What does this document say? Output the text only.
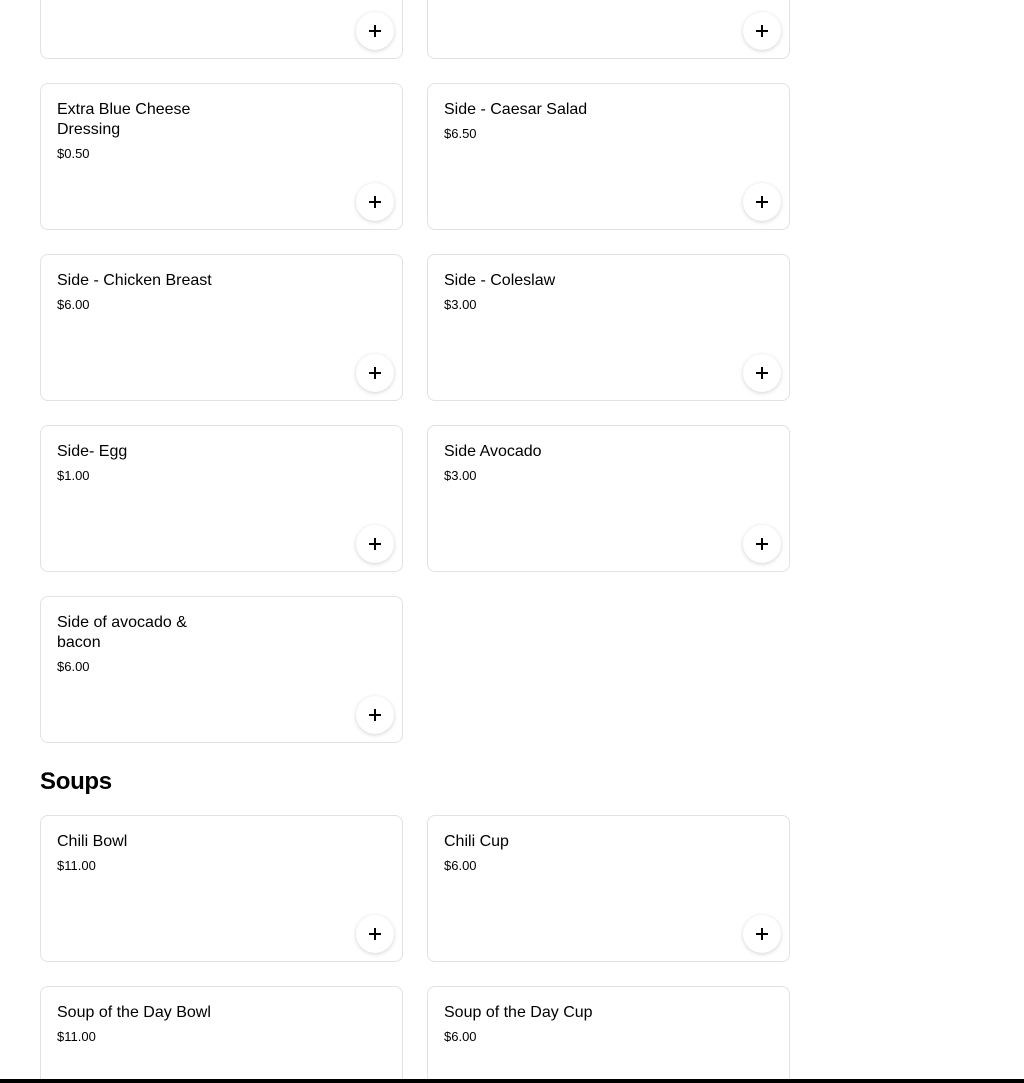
Extra Blue Cheese Dressing
$0.50
Side - Caesar Salad
$6.50
Side - Chicken Breast
$6.00
Side - Coleslaw
$3.00
Side- Egg
$1.00
Side Avocado
$3.00
Side of avocado & bacon
$6.00
Soups
Chili Bowl
$11.00
Chili Cup
$6.00
Soup of the Day Bowl
$11.00
Soup of the Day Cup
$6.00
